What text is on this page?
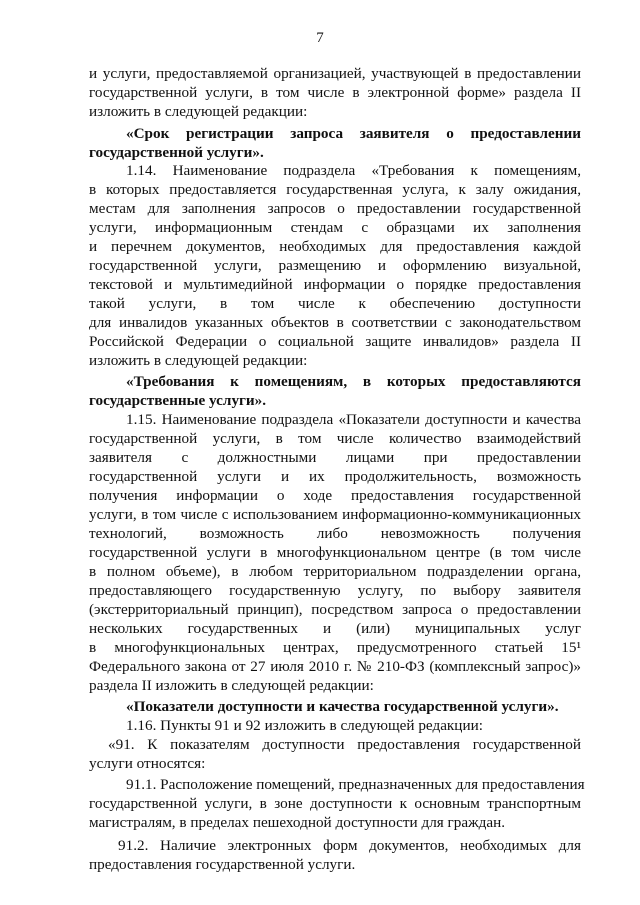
7
и услуги, предоставляемой организацией, участвующей в предоставлении
государственной услуги, в том числе в электронной форме» раздела II
изложить в следующей редакции:
«Срок регистрации запроса заявителя о предоставлении
государственной услуги».
1.14. Наименование подраздела «Требования к помещениям,
в которых предоставляется государственная услуга, к залу ожидания,
местам для заполнения запросов о предоставлении государственной
услуги, информационным стендам с образцами их заполнения
и перечнем документов, необходимых для предоставления каждой
государственной услуги, размещению и оформлению визуальной,
текстовой и мультимедийной информации о порядке предоставления
такой услуги, в том числе к обеспечению доступности
для инвалидов указанных объектов в соответствии с законодательством
Российской Федерации о социальной защите инвалидов» раздела II
изложить в следующей редакции:
«Требования к помещениям, в которых предоставляются
государственные услуги».
1.15. Наименование подраздела «Показатели доступности и качества
государственной услуги, в том числе количество взаимодействий
заявителя с должностными лицами при предоставлении
государственной услуги и их продолжительность, возможность
получения информации о ходе предоставления государственной
услуги, в том числе с использованием информационно-коммуникационных
технологий, возможность либо невозможность получения
государственной услуги в многофункциональном центре (в том числе
в полном объеме), в любом территориальном подразделении органа,
предоставляющего государственную услугу, по выбору заявителя
(экстерриториальный принцип), посредством запроса о предоставлении
нескольких государственных и (или) муниципальных услуг
в многофункциональных центрах, предусмотренного статьей 15¹
Федерального закона от 27 июля 2010 г. № 210-ФЗ (комплексный запрос)»
раздела II изложить в следующей редакции:
«Показатели доступности и качества государственной услуги».
1.16. Пункты 91 и 92 изложить в следующей редакции:
«91. К показателям доступности предоставления государственной
услуги относятся:
91.1. Расположение помещений, предназначенных для предоставления
государственной услуги, в зоне доступности к основным транспортным
магистралям, в пределах пешеходной доступности для граждан.
91.2. Наличие электронных форм документов, необходимых для
предоставления государственной услуги.
